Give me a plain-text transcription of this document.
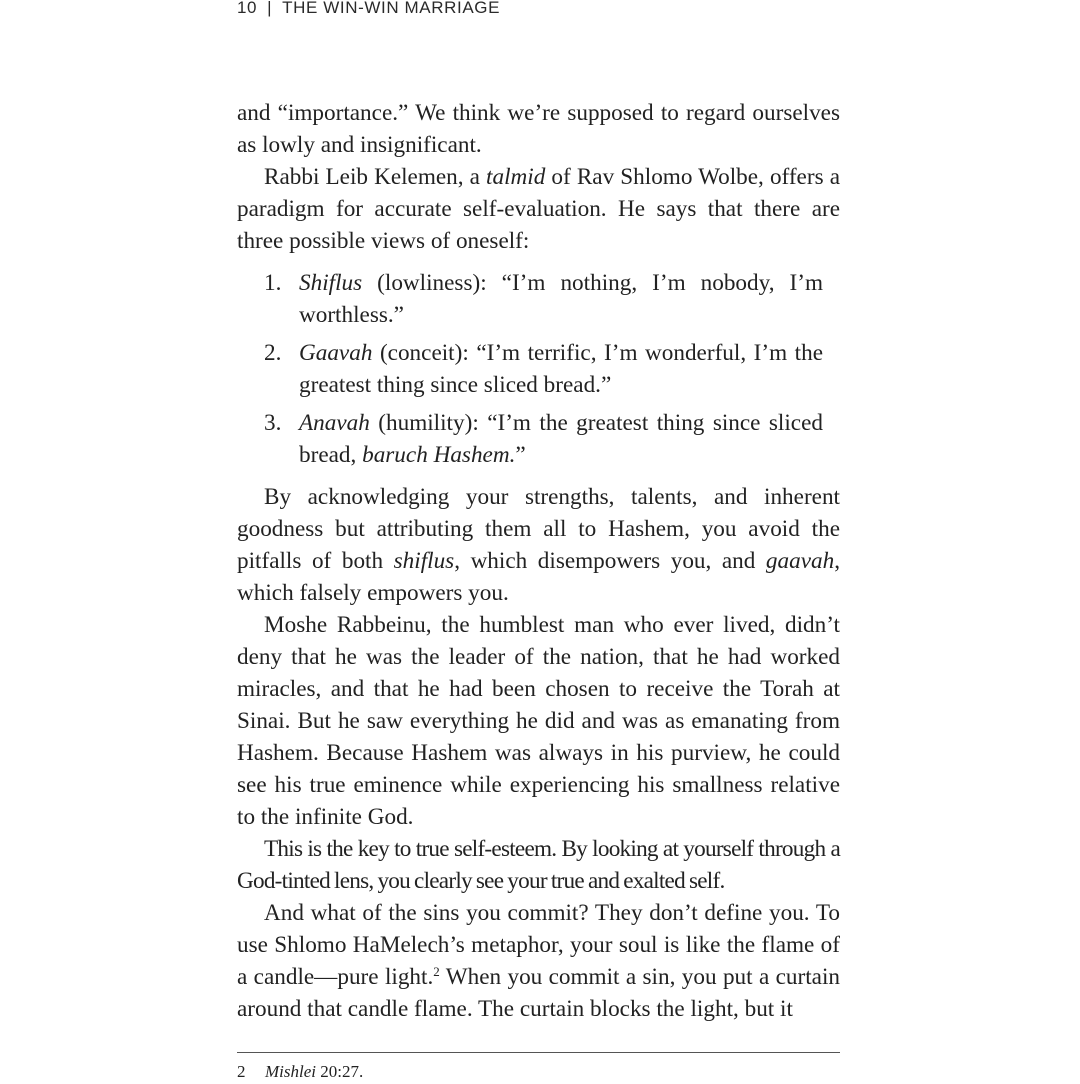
10 | THE WIN-WIN MARRIAGE

and “importance.” We think we’re supposed to regard ourselves as lowly and insignificant.

Rabbi Leib Kelemen, a talmid of Rav Shlomo Wolbe, offers a paradigm for accurate self-evaluation. He says that there are three possible views of oneself:

1. Shiflus (lowliness): “I’m nothing, I’m nobody, I’m worthless.”
2. Gaavah (conceit): “I’m terrific, I’m wonderful, I’m the greatest thing since sliced bread.”
3. Anavah (humility): “I’m the greatest thing since sliced bread, baruch Hashem.”

By acknowledging your strengths, talents, and inherent goodness but attributing them all to Hashem, you avoid the pitfalls of both shiflus, which disempowers you, and gaavah, which falsely empowers you.

Moshe Rabbeinu, the humblest man who ever lived, didn’t deny that he was the leader of the nation, that he had worked miracles, and that he had been chosen to receive the Torah at Sinai. But he saw everything he did and was as emanating from Hashem. Because Hashem was always in his purview, he could see his true eminence while experiencing his smallness relative to the infinite God.

This is the key to true self-esteem. By looking at yourself through a God-tinted lens, you clearly see your true and exalted self.

And what of the sins you commit? They don’t define you. To use Shlomo HaMelech’s metaphor, your soul is like the flame of a candle—pure light.$^2$ When you commit a sin, you put a curtain around that candle flame. The curtain blocks the light, but it

2 Mishlei 20:27.
